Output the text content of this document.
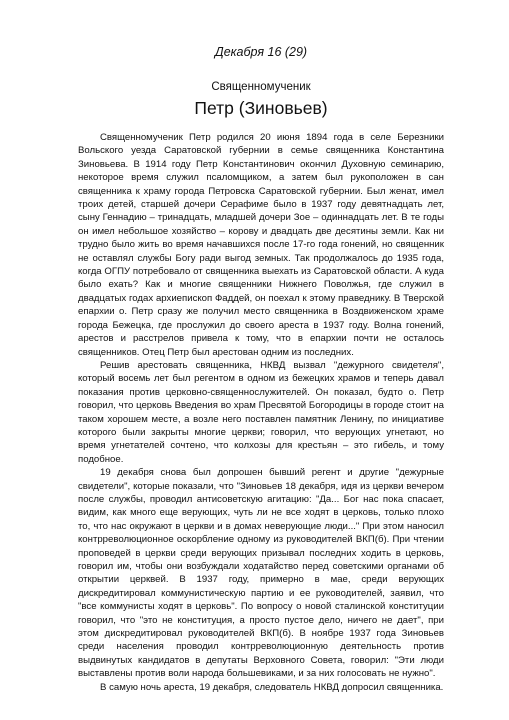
Декабря 16 (29)
Священномученик
Петр (Зиновьев)

Священномученик Петр родился 20 июня 1894 года в селе Березники Вольского уезда Саратовской губернии в семье священника Константина Зиновьева. В 1914 году Петр Константинович окончил Духовную семинарию, некоторое время служил псаломщиком, а затем был рукоположен в сан священника к храму города Петровска Саратовской губернии. Был женат, имел троих детей, старшей дочери Серафиме было в 1937 году девятнадцать лет, сыну Геннадию – тринадцать, младшей дочери Зое – одиннадцать лет. В те годы он имел небольшое хозяйство – корову и двадцать две десятины земли. Как ни трудно было жить во время начавшихся после 17-го года гонений, но священник не оставлял службы Богу ради выгод земных. Так продолжалось до 1935 года, когда ОГПУ потребовало от священника выехать из Саратовской области. А куда было ехать? Как и многие священники Нижнего Поволжья, где служил в двадцатых годах архиепископ Фаддей, он поехал к этому праведнику. В Тверской епархии о. Петр сразу же получил место священника в Воздвиженском храме города Бежецка, где прослужил до своего ареста в 1937 году. Волна гонений, арестов и расстрелов привела к тому, что в епархии почти не осталось священников. Отец Петр был арестован одним из последних.

Решив арестовать священника, НКВД вызвал "дежурного свидетеля", который восемь лет был регентом в одном из бежецких храмов и теперь давал показания против церковно-священнослужителей. Он показал, будто о. Петр говорил, что церковь Введения во храм Пресвятой Богородицы в городе стоит на таком хорошем месте, а возле него поставлен памятник Ленину, по инициативе которого были закрыты многие церкви; говорил, что верующих угнетают, но время угнетателей сочтено, что колхозы для крестьян – это гибель, и тому подобное.

19 декабря снова был допрошен бывший регент и другие "дежурные свидетели", которые показали, что "Зиновьев 18 декабря, идя из церкви вечером после службы, проводил антисоветскую агитацию: "Да... Бог нас пока спасает, видим, как много еще верующих, чуть ли не все ходят в церковь, только плохо то, что нас окружают в церкви и в домах неверующие люди..." При этом наносил контрреволюционное оскорбление одному из руководителей ВКП(б). При чтении проповедей в церкви среди верующих призывал последних ходить в церковь, говорил им, чтобы они возбуждали ходатайство перед советскими органами об открытии церквей. В 1937 году, примерно в мае, среди верующих дискредитировал коммунистическую партию и ее руководителей, заявил, что "все коммунисты ходят в церковь". По вопросу о новой сталинской конституции говорил, что "это не конституция, а просто пустое дело, ничего не дает", при этом дискредитировал руководителей ВКП(б). В ноябре 1937 года Зиновьев среди населения проводил контрреволюционную деятельность против выдвинутых кандидатов в депутаты Верховного Совета, говорил: "Эти люди выставлены против воли народа большевиками, и за них голосовать не нужно".

В самую ночь ареста, 19 декабря, следователь НКВД допросил священника.
